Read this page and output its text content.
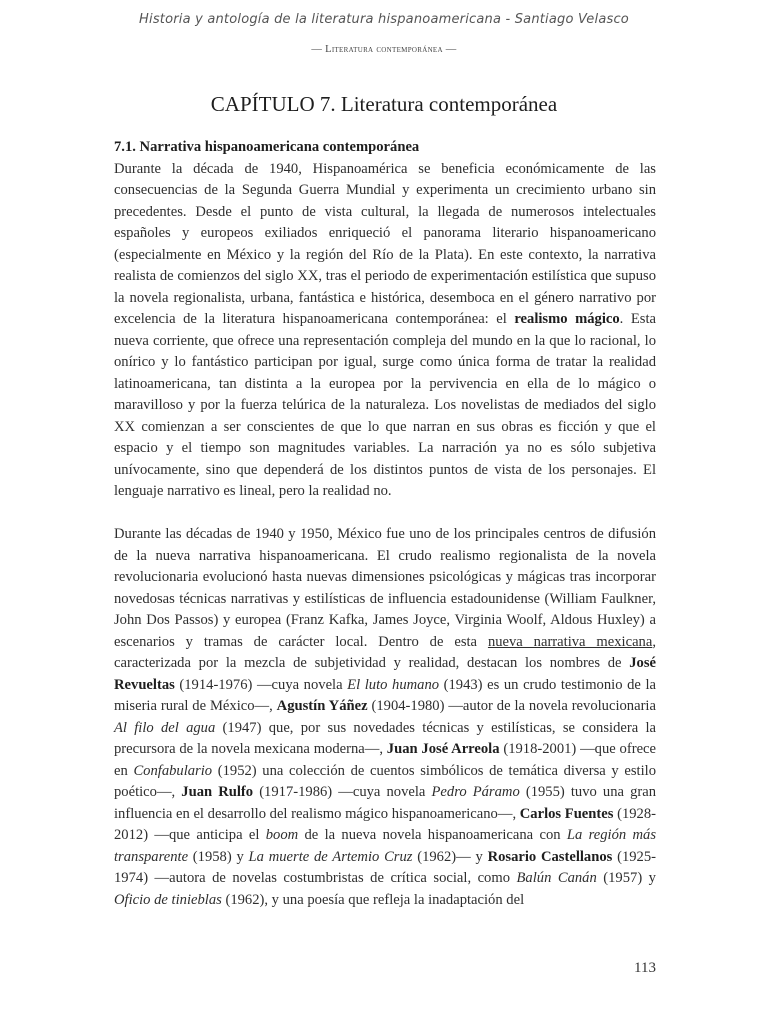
Historia y antología de la literatura hispanoamericana - Santiago Velasco
— Literatura contemporánea —
CAPÍTULO 7. Literatura contemporánea
7.1. Narrativa hispanoamericana contemporánea

Durante la década de 1940, Hispanoamérica se beneficia económicamente de las consecuencias de la Segunda Guerra Mundial y experimenta un crecimiento urbano sin precedentes. Desde el punto de vista cultural, la llegada de numerosos intelectuales españoles y europeos exiliados enriqueció el panorama literario hispanoamericano (especialmente en México y la región del Río de la Plata). En este contexto, la narrativa realista de comienzos del siglo XX, tras el periodo de experimentación estilística que supuso la novela regionalista, urbana, fantástica e histórica, desemboca en el género narrativo por excelencia de la literatura hispanoamericana contemporánea: el realismo mágico. Esta nueva corriente, que ofrece una representación compleja del mundo en la que lo racional, lo onírico y lo fantástico participan por igual, surge como única forma de tratar la realidad latinoamericana, tan distinta a la europea por la pervivencia en ella de lo mágico o maravilloso y por la fuerza telúrica de la naturaleza. Los novelistas de mediados del siglo XX comienzan a ser conscientes de que lo que narran en sus obras es ficción y que el espacio y el tiempo son magnitudes variables. La narración ya no es sólo subjetiva unívocamente, sino que dependerá de los distintos puntos de vista de los personajes. El lenguaje narrativo es lineal, pero la realidad no.

Durante las décadas de 1940 y 1950, México fue uno de los principales centros de difusión de la nueva narrativa hispanoamericana. El crudo realismo regionalista de la novela revolucionaria evolucionó hasta nuevas dimensiones psicológicas y mágicas tras incorporar novedosas técnicas narrativas y estilísticas de influencia estadounidense (William Faulkner, John Dos Passos) y europea (Franz Kafka, James Joyce, Virginia Woolf, Aldous Huxley) a escenarios y tramas de carácter local. Dentro de esta nueva narrativa mexicana, caracterizada por la mezcla de subjetividad y realidad, destacan los nombres de José Revueltas (1914-1976) —cuya novela El luto humano (1943) es un crudo testimonio de la miseria rural de México—, Agustín Yáñez (1904-1980) —autor de la novela revolucionaria Al filo del agua (1947) que, por sus novedades técnicas y estilísticas, se considera la precursora de la novela mexicana moderna—, Juan José Arreola (1918-2001) —que ofrece en Confabulario (1952) una colección de cuentos simbólicos de temática diversa y estilo poético—, Juan Rulfo (1917-1986) —cuya novela Pedro Páramo (1955) tuvo una gran influencia en el desarrollo del realismo mágico hispanoamericano—, Carlos Fuentes (1928-2012) —que anticipa el boom de la nueva novela hispanoamericana con La región más transparente (1958) y La muerte de Artemio Cruz (1962)— y Rosario Castellanos (1925-1974) —autora de novelas costumbristas de crítica social, como Balún Canán (1957) y Oficio de tinieblas (1962), y una poesía que refleja la inadaptación del

113
